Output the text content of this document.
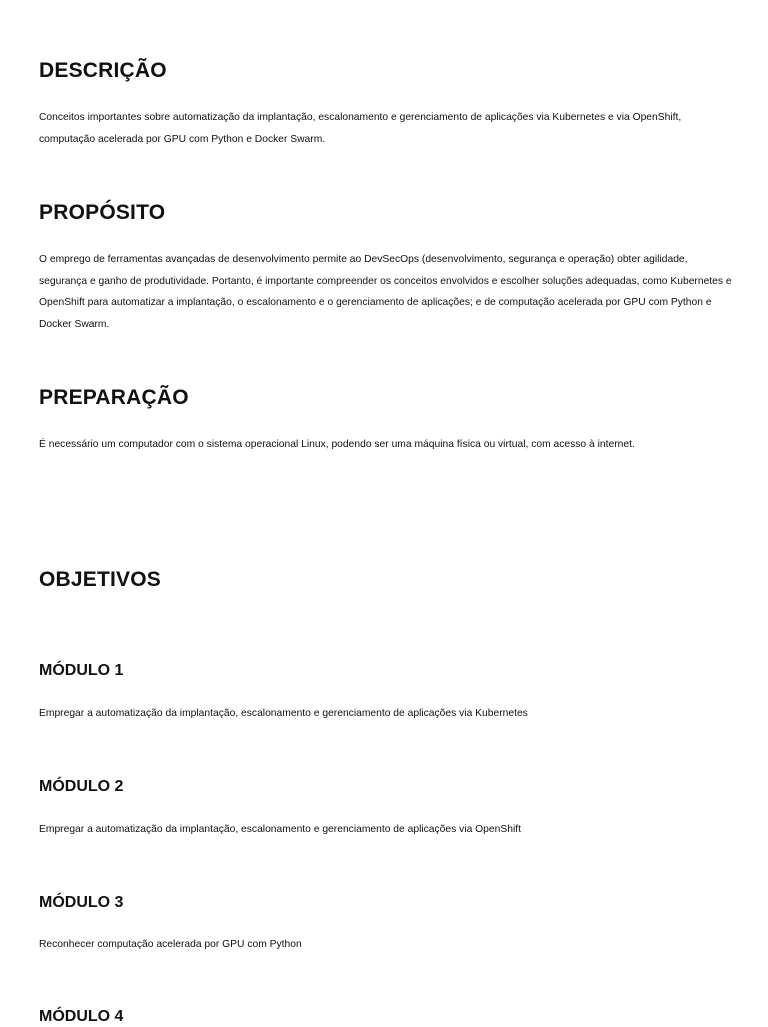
DESCRIÇÃO

Conceitos importantes sobre automatização da implantação, escalonamento e gerenciamento de aplicações via Kubernetes e via OpenShift, computação acelerada por GPU com Python e Docker Swarm.

PROPÓSITO

O emprego de ferramentas avançadas de desenvolvimento permite ao DevSecOps (desenvolvimento, segurança e operação) obter agilidade, segurança e ganho de produtividade. Portanto, é importante compreender os conceitos envolvidos e escolher soluções adequadas, como Kubernetes e OpenShift para automatizar a implantação, o escalonamento e o gerenciamento de aplicações; e de computação acelerada por GPU com Python e Docker Swarm.

PREPARAÇÃO

É necessário um computador com o sistema operacional Linux, podendo ser uma máquina física ou virtual, com acesso à internet.

OBJETIVOS
MÓDULO 1

Empregar a automatização da implantação, escalonamento e gerenciamento de aplicações via Kubernetes

MÓDULO 2

Empregar a automatização da implantação, escalonamento e gerenciamento de aplicações via OpenShift

MÓDULO 3

Reconhecer computação acelerada por GPU com Python

MÓDULO 4
